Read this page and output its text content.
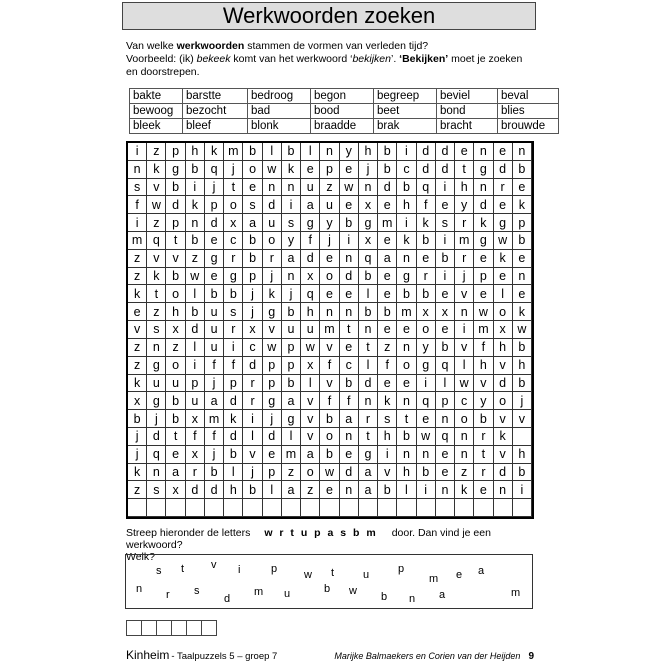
Werkwoorden zoeken
Van welke werkwoorden stammen de vormen van verleden tijd?
Voorbeeld: (ik) bekeek komt van het werkwoord ‘bekijken’. ‘Bekijken’ moet je zoeken
en doorstrepen.
bakte	barstte	bedroog	begon	begreep	beviel	beval
bewoog	bezocht	bad	bood	beet	bond	blies
bleek	bleef	blonk	braadde	brak	bracht	brouwde
i	z	p h	k m b	l	b	l	n	y	h b	i	d d e n e n
n	k	g b q	j	o w k	e p e	j	b	c	d d	t	g d b
s	v	b	i	j	t	e n n u	z w n d b q	i	h n	r	e
f	w d	k	p o	s	d	i	a u e	x	e h	f	e	y	d e	k
i	z	p n d	x	a u	s	g	y	b g m	i	k	s	r	k	g p
m q	t	b e	c	b o	y	f	j	i	x	e	k	b	i	m g w b
z	v	v	z	g	r	b	r	a d e n q a n e b	r	e	k	e
z	k	b w e g p	j	n	x	o d b e g	r	i	j	p e n
k	t	o	l	b b	j	k	j	q e e	l	e b b e	v	e	l	e
e	z	h b u	s	j	g b h n n b b m x	x	n w o	k
v	s	x	d u	r	x	v	u u m t	n e e o e	i	m x w
z	n	z	l	u	i	c w p w v	e	t	z	n	y	b	v	f	h b
z	g o	i	f	f	d p p	x	f	c	l	f	o g q	l	h	v	h
k	u u p	j	p	r	p b	l	v	b d e e	i	l	w v	d b
x	g b u a d	r	g a	v	f	f	n	k	n q p	c	y	o	j
b	j	b	x m k	i	j	g	v	b a	r	s	t	e n o b	v	v
j	d	t	f	f	d	l	d	l	v	o n	t	h b w q n	r	k
j	q e	x	j	b	v	e m a b e g	i	n n e n	t	v	h
k	n a	r	b	l	j	p	z	o w d a	v	h b e	z	r	d b
z	s	x	d d h b	l	a	z	e n a b	l	i	n	k	e n	i
Streep hieronder de letters w r t u p a s b m door. Dan vind je een werkwoord?
Welk?
s t v i	p w t	u	p
m e a
n r s
d
m u	b w b n a	m
Kinheim - Taalpuzzels 5 – groep 7	Marijke Balmaekers en Corien van der Heijden 9
